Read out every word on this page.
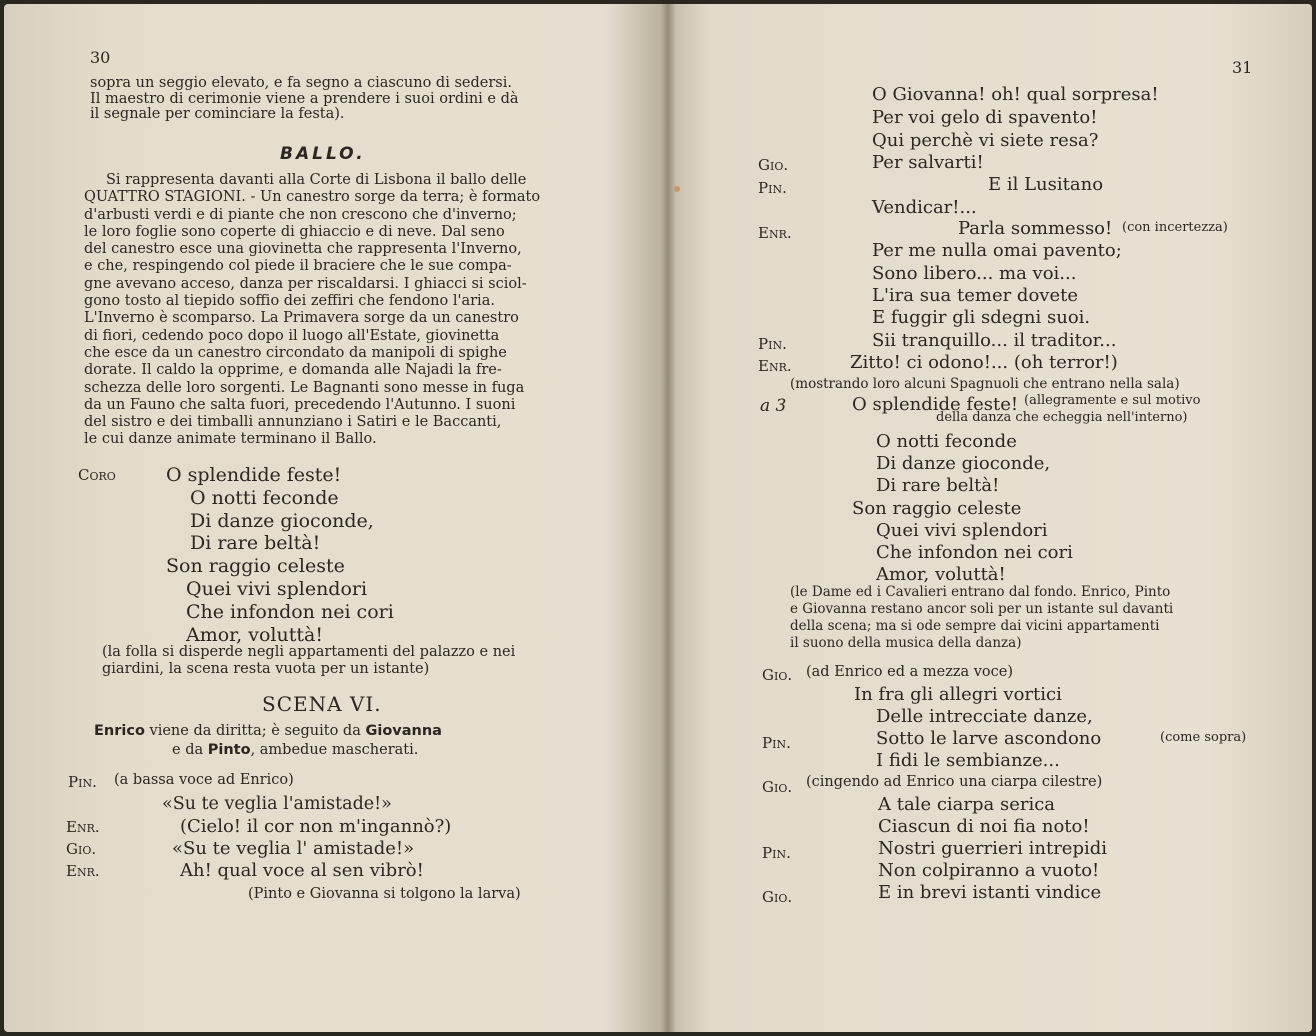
30
sopra un seggio elevato, e fa segno a ciascuno di sedersi.
Il maestro di cerimonie viene a prendere i suoi ordini e dà
il segnale per cominciare la festa).
BALLO.
Si rappresenta davanti alla Corte di Lisbona il ballo delle
QUATTRO STAGIONI. - Un canestro sorge da terra; è formato
d'arbusti verdi e di piante che non crescono che d'inverno;
le loro foglie sono coperte di ghiaccio e di neve. Dal seno
del canestro esce una giovinetta che rappresenta l'Inverno,
e che, respingendo col piede il braciere che le sue compa-
gne avevano acceso, danza per riscaldarsi. I ghiacci si sciol-
gono tosto al tiepido soffio dei zeffiri che fendono l'aria.
L'Inverno è scomparso. La Primavera sorge da un canestro
di fiori, cedendo poco dopo il luogo all'Estate, giovinetta
che esce da un canestro circondato da manipoli di spighe
dorate. Il caldo la opprime, e domanda alle Najadi la fre-
schezza delle loro sorgenti. Le Bagnanti sono messe in fuga
da un Fauno che salta fuori, precedendo l'Autunno. I suoni
del sistro e dei timballi annunziano i Satiri e le Baccanti,
le cui danze animate terminano il Ballo.
Coro	O splendide feste!
O notti feconde
Di danze gioconde,
Di rare beltà!
Son raggio celeste
Quei vivi splendori
Che infondon nei cori
Amor, voluttà!
(la folla si disperde negli appartamenti del palazzo e nei
giardini, la scena resta vuota per un istante)
SCENA VI.
Enrico viene da diritta; è seguito da Giovanna
e da Pinto, ambedue mascherati.
Pin. (a bassa voce ad Enrico)
«Su te veglia l'amistade!»
Enr.	(Cielo! il cor non m'ingannò?)
Gio.	«Su te veglia l' amistade!»
Enr.	Ah! qual voce al sen vibrò!
(Pinto e Giovanna si tolgono la larva)
31
O Giovanna! oh! qual sorpresa!
Per voi gelo di spavento!
Qui perchè vi siete resa?
Gio.	Per salvarti!
Pin.	E il Lusitano
Vendicar!...
Enr.	Parla sommesso! (con incertezza)
Per me nulla omai pavento;
Sono libero... ma voi...
L'ira sua temer dovete
E fuggir gli sdegni suoi.
Pin.	Sii tranquillo... il traditor...
Enr.	Zitto! ci odono!... (oh terror!)
(mostrando loro alcuni Spagnuoli che entrano nella sala)
a 3	O splendide feste! (allegramente e sul motivo
della danza che echeggia nell'interno)
O notti feconde
Di danze gioconde,
Di rare beltà!
Son raggio celeste
Quei vivi splendori
Che infondon nei cori
Amor, voluttà!
(le Dame ed i Cavalieri entrano dal fondo. Enrico, Pinto
e Giovanna restano ancor soli per un istante sul davanti
della scena; ma si ode sempre dai vicini appartamenti
il suono della musica della danza)
Gio. (ad Enrico ed a mezza voce)
In fra gli allegri vortici
Delle intrecciate danze,
Pin.	Sotto le larve ascondono	(come sopra)
I fidi le sembianze...
Gio. (cingendo ad Enrico una ciarpa cilestre)
A tale ciarpa serica
Ciascun di noi fia noto!
Pin.	Nostri guerrieri intrepidi
Non colpiranno a vuoto!
Gio.	E in brevi istanti vindice
